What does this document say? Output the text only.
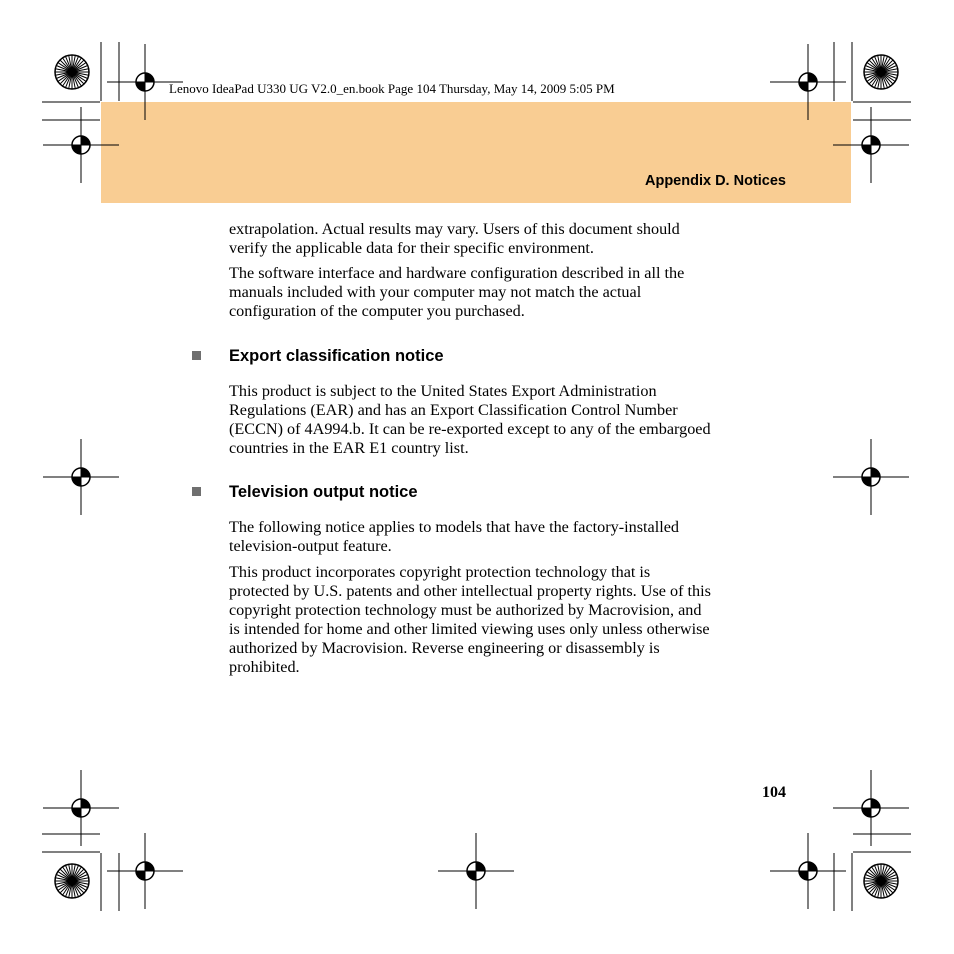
Lenovo IdeaPad U330 UG V2.0_en.book Page 104 Thursday, May 14, 2009 5:05 PM
Appendix D. Notices
extrapolation. Actual results may vary. Users of this document should
verify the applicable data for their specific environment.
The software interface and hardware configuration described in all the
manuals included with your computer may not match the actual
configuration of the computer you purchased.
Export classification notice
This product is subject to the United States Export Administration
Regulations (EAR) and has an Export Classification Control Number
(ECCN) of 4A994.b. It can be re-exported except to any of the embargoed
countries in the EAR E1 country list.
Television output notice
The following notice applies to models that have the factory-installed
television-output feature.
This product incorporates copyright protection technology that is
protected by U.S. patents and other intellectual property rights. Use of this
copyright protection technology must be authorized by Macrovision, and
is intended for home and other limited viewing uses only unless otherwise
authorized by Macrovision. Reverse engineering or disassembly is
prohibited.
104
